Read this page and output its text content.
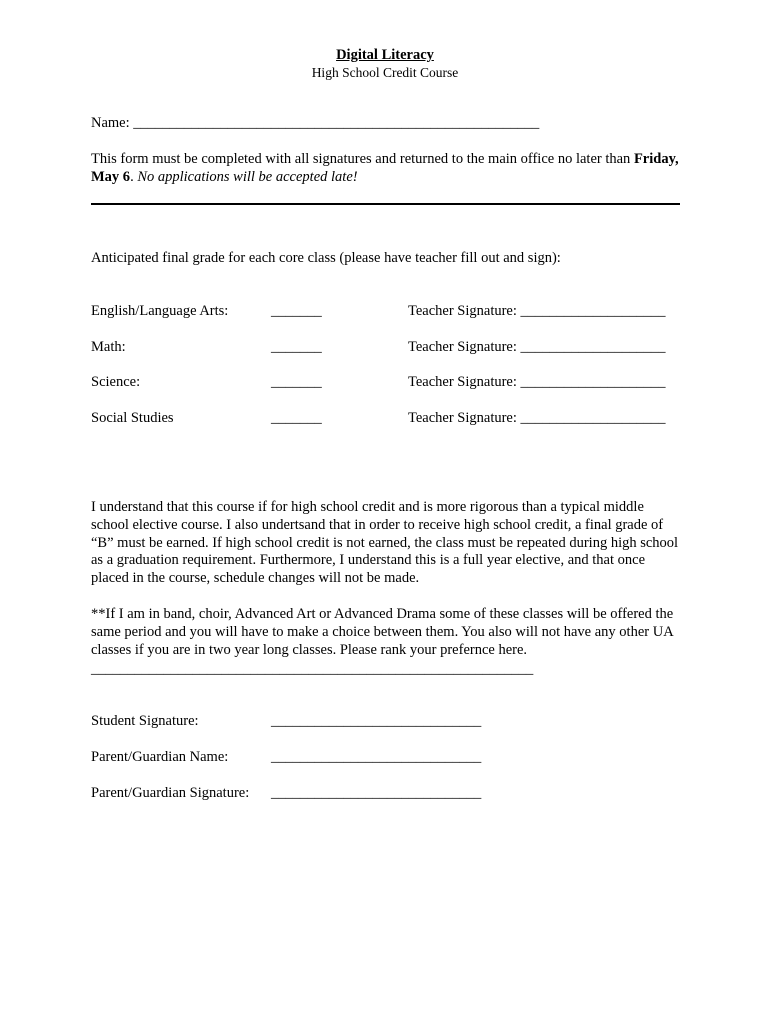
Digital Literacy
High School Credit Course
Name: ________________________________________________________
This form must be completed with all signatures and returned to the main office no later than Friday, May 6. No applications will be accepted late!
Anticipated final grade for each core class (please have teacher fill out and sign):
English/Language Arts:	_______	Teacher Signature: ____________________
Math:	_______	Teacher Signature: ____________________
Science:	_______	Teacher Signature: ____________________
Social Studies	_______	Teacher Signature: ____________________
I understand that this course if for high school credit and is more rigorous than a typical middle school elective course. I also undertsand that in order to receive high school credit, a final grade of “B” must be earned. If high school credit is not earned, the class must be repeated during high school as a graduation requirement. Furthermore, I understand this is a full year elective, and that once placed in the course, schedule changes will not be made.
**If I am in band, choir, Advanced Art or Advanced Drama some of these classes will be offered the same period and you will have to make a choice between them. You also will not have any other UA classes if you are in two year long classes. Please rank your prefernce here.
_____________________________________________________________
Student Signature:	_____________________________
Parent/Guardian Name:	_____________________________
Parent/Guardian Signature: _____________________________
